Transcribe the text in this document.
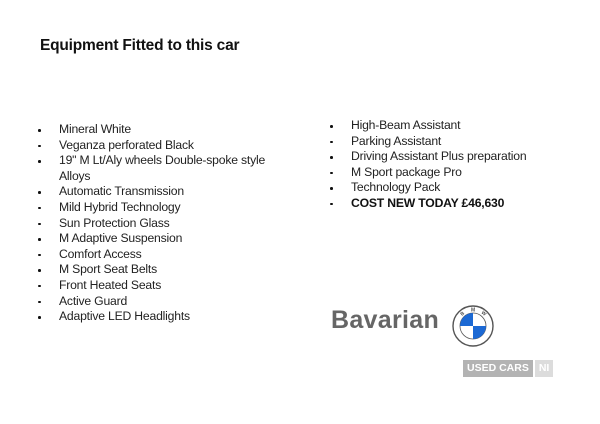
Equipment Fitted to this car
Mineral White
Veganza perforated Black
19" M Lt/Aly wheels Double-spoke style Alloys
Automatic Transmission
Mild Hybrid Technology
Sun Protection Glass
M Adaptive Suspension
Comfort Access
M Sport Seat Belts
Front Heated Seats
Active Guard
Adaptive LED Headlights
High-Beam Assistant
Parking Assistant
Driving Assistant Plus preparation
M Sport package Pro
Technology Pack
COST NEW TODAY £46,630
Bavarian	B
M W
USED CARS NI
